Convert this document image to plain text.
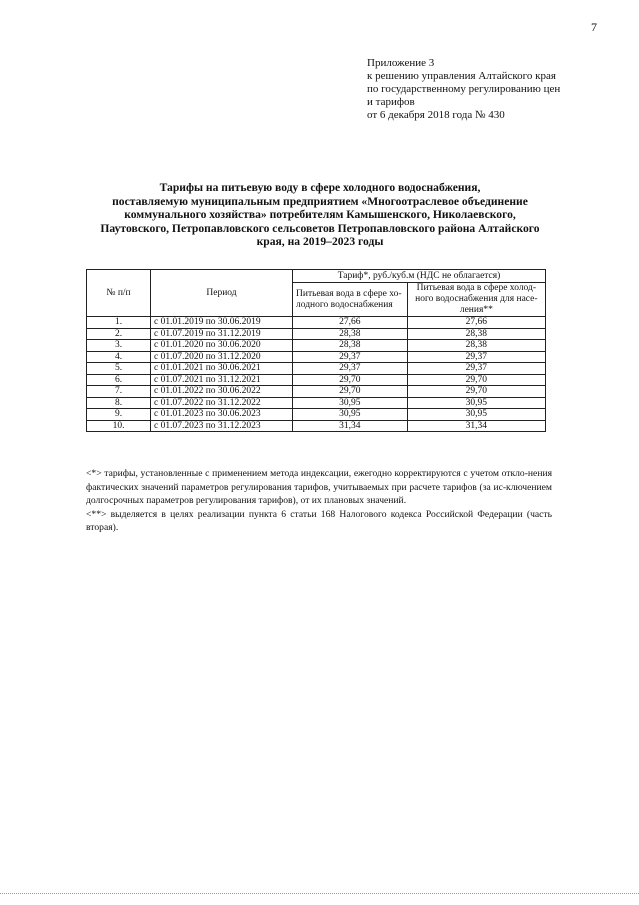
7
Приложение 3
к решению управления Алтайского края
по государственному регулированию цен
и тарифов
от 6 декабря 2018 года № 430
Тарифы на питьевую воду в сфере холодного водоснабжения,
поставляемую муниципальным предприятием «Многоотраслевое объединение
коммунального хозяйства» потребителям Камышенского, Николаевского,
Паутовского, Петропавловского сельсоветов Петропавловского района Алтайского
края, на 2019–2023 годы
№ п/п	Период	Тариф*, руб./куб.м (НДС не облагается)	
		Питьевая вода в сфере хо-лодного водоснабжения	Питьевая вода в сфере холод-ного водоснабжения для насе-ления**
1.	с 01.01.2019 по 30.06.2019	27,66	27,66
2.	с 01.07.2019 по 31.12.2019	28,38	28,38
3.	с 01.01.2020 по 30.06.2020	28,38	28,38
4.	с 01.07.2020 по 31.12.2020	29,37	29,37
5.	с 01.01.2021 по 30.06.2021	29,37	29,37
6.	с 01.07.2021 по 31.12.2021	29,70	29,70
7.	с 01.01.2022 по 30.06.2022	29,70	29,70
8.	с 01.07.2022 по 31.12.2022	30,95	30,95
9.	с 01.01.2023 по 30.06.2023	30,95	30,95
10.	с 01.07.2023 по 31.12.2023	31,34	31,34

<*> тарифы, установленные с применением метода индексации, ежегодно корректируются с учетом откло-нения фактических значений параметров регулирования тарифов, учитываемых при расчете тарифов (за ис-ключением долгосрочных параметров регулирования тарифов), от их плановых значений.

<**> выделяется в целях реализации пункта 6 статьи 168 Налогового кодекса Российской Федерации (часть вторая).
